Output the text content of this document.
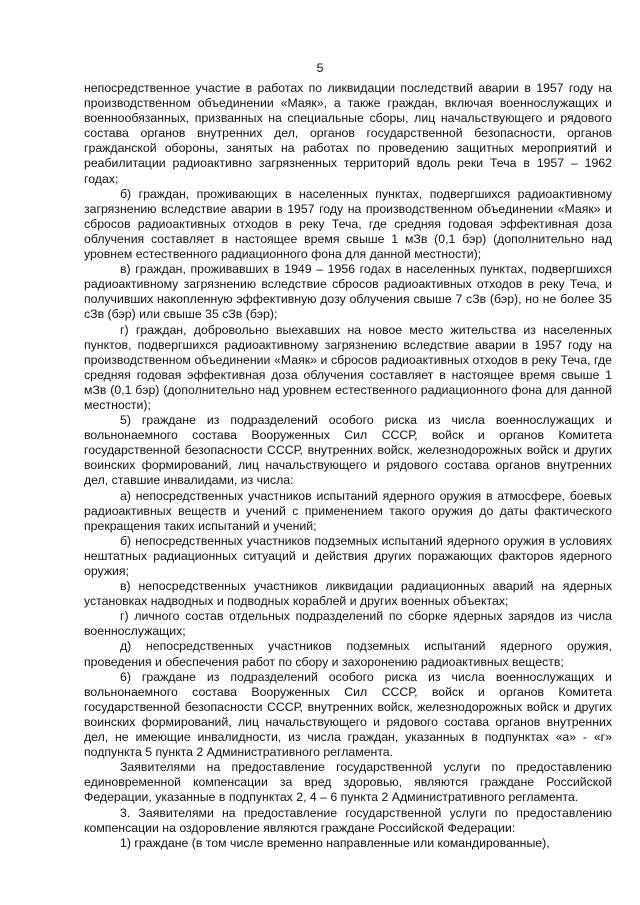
5

непосредственное участие в работах по ликвидации последствий аварии в 1957 году на производственном объединении «Маяк», а также граждан, включая военнослужащих и военнообязанных, призванных на специальные сборы, лиц начальствующего и рядового состава органов внутренних дел, органов государственной безопасности, органов гражданской обороны, занятых на работах по проведению защитных мероприятий и реабилитации радиоактивно загрязненных территорий вдоль реки Теча в 1957 – 1962 годах;

б) граждан, проживающих в населенных пунктах, подвергшихся радиоактивному загрязнению вследствие аварии в 1957 году на производственном объединении «Маяк» и сбросов радиоактивных отходов в реку Теча, где средняя годовая эффективная доза облучения составляет в настоящее время свыше 1 мЗв (0,1 бэр) (дополнительно над уровнем естественного радиационного фона для данной местности);

в) граждан, проживавших в 1949 – 1956 годах в населенных пунктах, подвергшихся радиоактивному загрязнению вследствие сбросов радиоактивных отходов в реку Теча, и получивших накопленную эффективную дозу облучения свыше 7 сЗв (бэр), но не более 35 сЗв (бэр) или свыше 35 сЗв (бэр);

г) граждан, добровольно выехавших на новое место жительства из населенных пунктов, подвергшихся радиоактивному загрязнению вследствие аварии в 1957 году на производственном объединении «Маяк» и сбросов радиоактивных отходов в реку Теча, где средняя годовая эффективная доза облучения составляет в настоящее время свыше 1 мЗв (0,1 бэр) (дополнительно над уровнем естественного радиационного фона для данной местности);

5) граждане из подразделений особого риска из числа военнослужащих и вольнонаемного состава Вооруженных Сил СССР, войск и органов Комитета государственной безопасности СССР, внутренних войск, железнодорожных войск и других воинских формирований, лиц начальствующего и рядового состава органов внутренних дел, ставшие инвалидами, из числа:

а) непосредственных участников испытаний ядерного оружия в атмосфере, боевых радиоактивных веществ и учений с применением такого оружия до даты фактического прекращения таких испытаний и учений;

б) непосредственных участников подземных испытаний ядерного оружия в условиях нештатных радиационных ситуаций и действия других поражающих факторов ядерного оружия;

в) непосредственных участников ликвидации радиационных аварий на ядерных установках надводных и подводных кораблей и других военных объектах;

г) личного состав отдельных подразделений по сборке ядерных зарядов из числа военнослужащих;

д) непосредственных участников подземных испытаний ядерного оружия, проведения и обеспечения работ по сбору и захоронению радиоактивных веществ;

6) граждане из подразделений особого риска из числа военнослужащих и вольнонаемного состава Вооруженных Сил СССР, войск и органов Комитета государственной безопасности СССР, внутренних войск, железнодорожных войск и других воинских формирований, лиц начальствующего и рядового состава органов внутренних дел, не имеющие инвалидности, из числа граждан, указанных в подпунктах «а» - «г» подпункта 5 пункта 2 Административного регламента.

Заявителями на предоставление государственной услуги по предоставлению единовременной компенсации за вред здоровью, являются граждане Российской Федерации, указанные в подпунктах 2, 4 – 6 пункта 2 Административного регламента.

3. Заявителями на предоставление государственной услуги по предоставлению компенсации на оздоровление являются граждане Российской Федерации:

1) граждане (в том числе временно направленные или командированные),
